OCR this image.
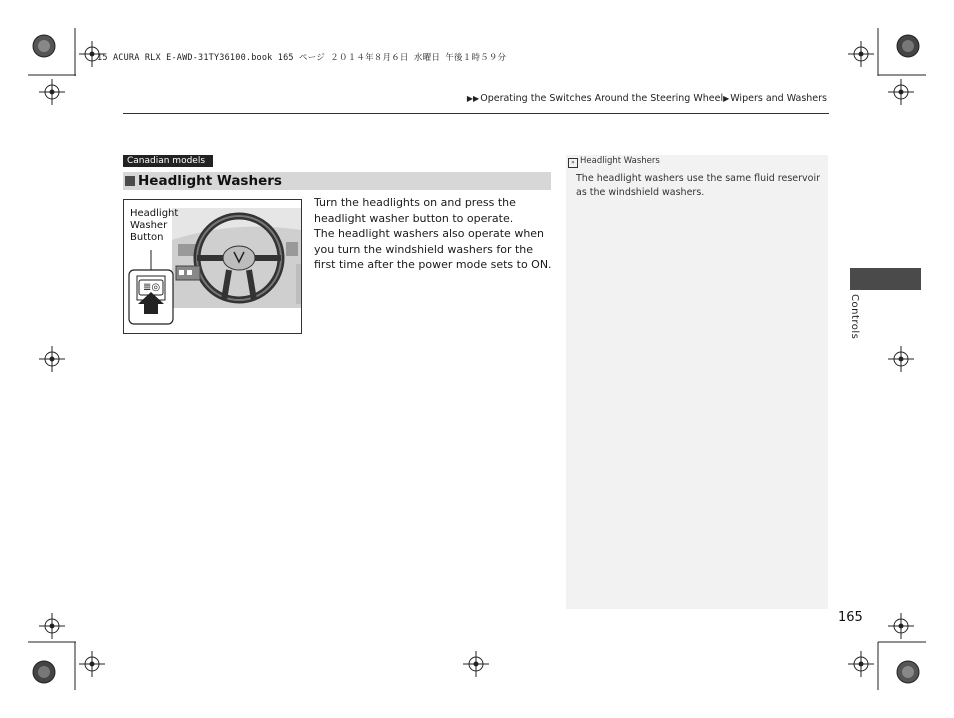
15 ACURA RLX E-AWD-31TY36100.book 165 ページ ２０１４年８月６日 水曜日 午後１時５９分
▶▶Operating the Switches Around the Steering Wheel▶Wipers and Washers
Canadian models
Headlight Washers
Headlight
Washer
Button
≣◎

Turn the headlights on and press the headlight washer button to operate.

The headlight washers also operate when you turn the windshield washers for the first time after the power mode sets to ON.

» Headlight Washers
The headlight washers use the same fluid reservoir as the windshield washers.
Controls
165
